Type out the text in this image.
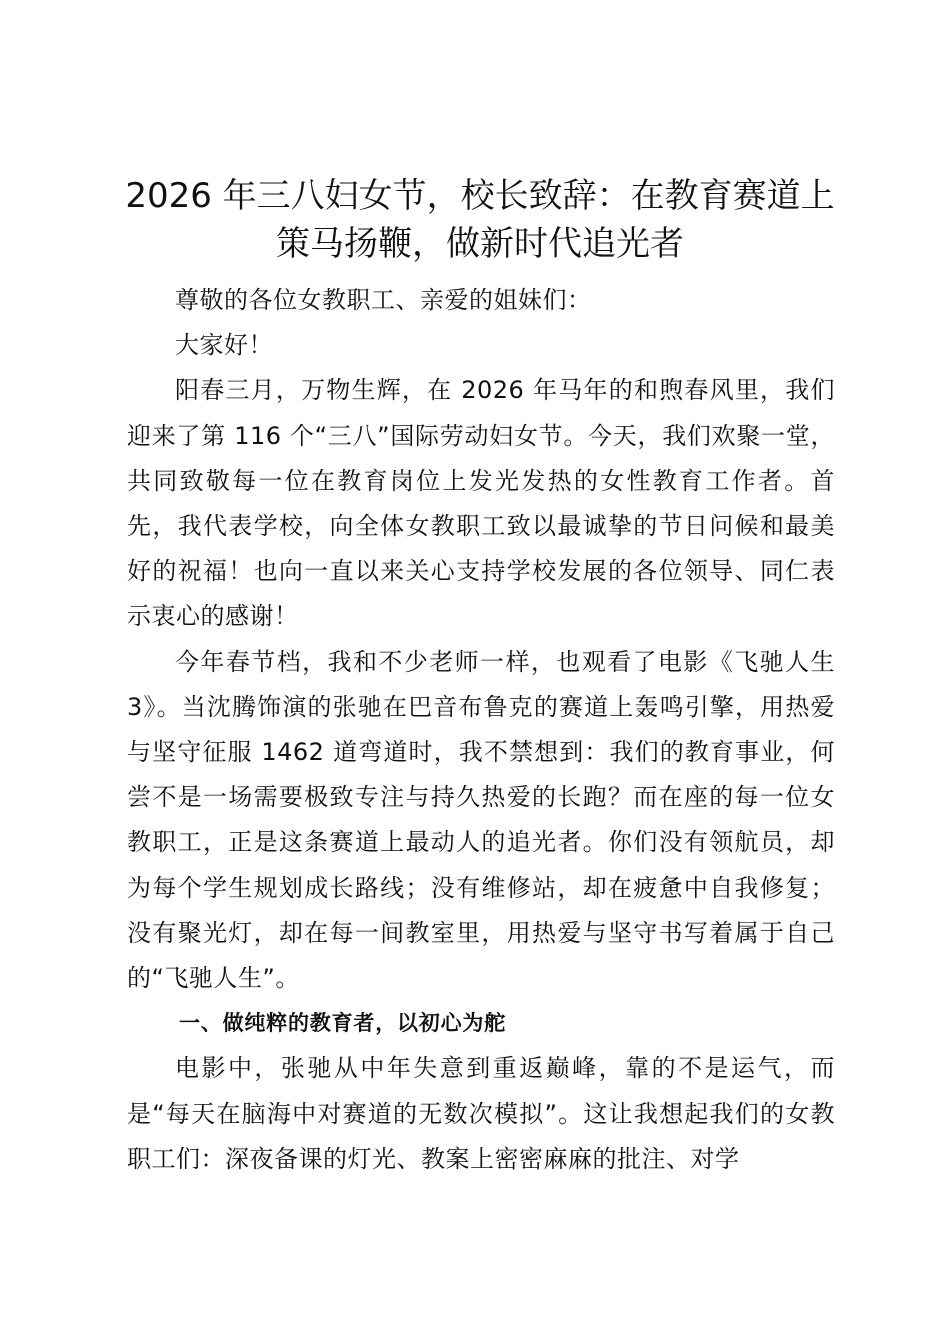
2026 年三八妇女节，校长致辞：在教育赛道上策马扬鞭，做新时代追光者

尊敬的各位女教职工、亲爱的姐妹们：

大家好！

阳春三月，万物生辉，在 2026 年马年的和煦春风里，我们迎来了第 116 个“三八”国际劳动妇女节。今天，我们欢聚一堂，共同致敬每一位在教育岗位上发光发热的女性教育工作者。首先，我代表学校，向全体女教职工致以最诚挚的节日问候和最美好的祝福！也向一直以来关心支持学校发展的各位领导、同仁表示衷心的感谢！

今年春节档，我和不少老师一样，也观看了电影《飞驰人生 3》。当沈腾饰演的张驰在巴音布鲁克的赛道上轰鸣引擎，用热爱与坚守征服 1462 道弯道时，我不禁想到：我们的教育事业，何尝不是一场需要极致专注与持久热爱的长跑？而在座的每一位女教职工，正是这条赛道上最动人的追光者。你们没有领航员，却为每个学生规划成长路线；没有维修站，却在疲惫中自我修复；没有聚光灯，却在每一间教室里，用热爱与坚守书写着属于自己的“飞驰人生”。

一、做纯粹的教育者，以初心为舵

电影中，张驰从中年失意到重返巅峰，靠的不是运气，而是“每天在脑海中对赛道的无数次模拟”。这让我想起我们的女教职工们：深夜备课的灯光、教案上密密麻麻的批注、对学
